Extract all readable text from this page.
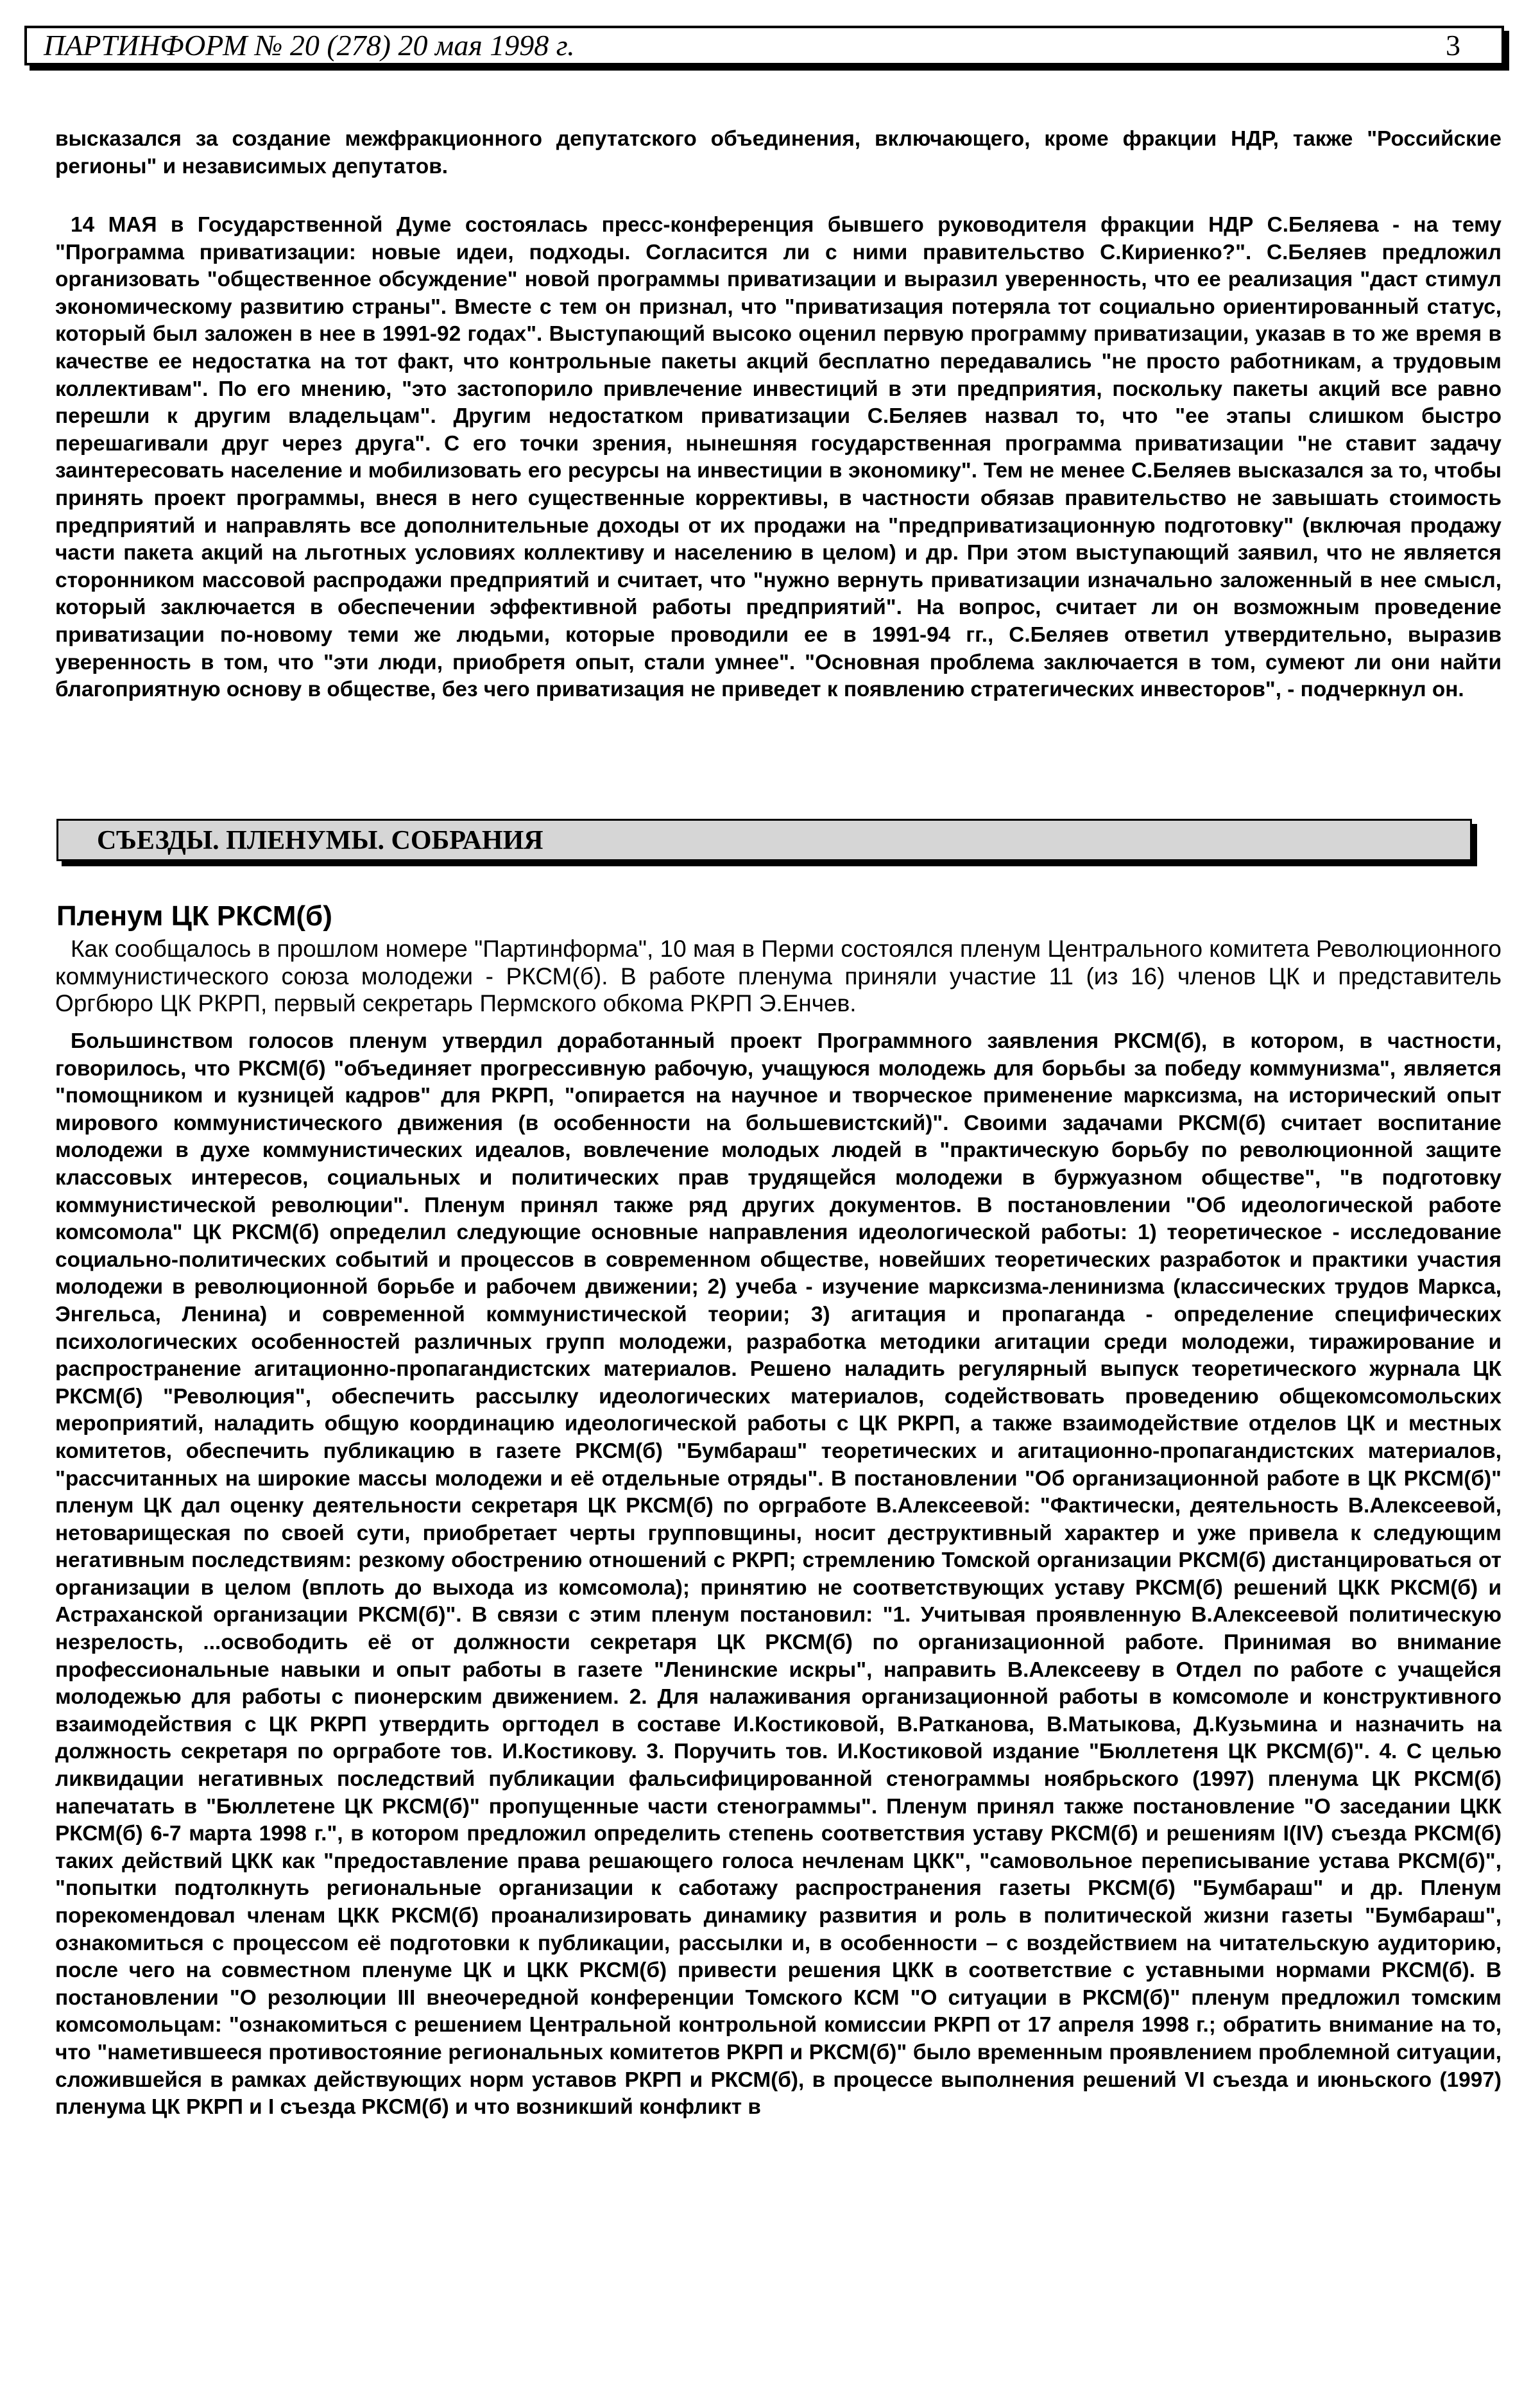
ПАРТИНФОРМ № 20 (278) 20 мая 1998 г.	3

высказался за создание межфракционного депутатского объединения, включающего, кроме фракции НДР, также "Российские регионы" и независимых депутатов.

14 МАЯ в Государственной Думе состоялась пресс-конференция бывшего руководителя фракции НДР С.Беляева - на тему "Программа приватизации: новые идеи, подходы. Согласится ли с ними правительство С.Кириенко?". С.Беляев предложил организовать "общественное обсуждение" новой программы приватизации и выразил уверенность, что ее реализация "даст стимул экономическому развитию страны". Вместе с тем он признал, что "приватизация потеряла тот социально ориентированный статус, который был заложен в нее в 1991-92 годах". Выступающий высоко оценил первую программу приватизации, указав в то же время в качестве ее недостатка на тот факт, что контрольные пакеты акций бесплатно передавались "не просто работникам, а трудовым коллективам". По его мнению, "это застопорило привлечение инвестиций в эти предприятия, поскольку пакеты акций все равно перешли к другим владельцам". Другим недостатком приватизации С.Беляев назвал то, что "ее этапы слишком быстро перешагивали друг через друга". С его точки зрения, нынешняя государственная программа приватизации "не ставит задачу заинтересовать население и мобилизовать его ресурсы на инвестиции в экономику". Тем не менее С.Беляев высказался за то, чтобы принять проект программы, внеся в него существенные коррективы, в частности обязав правительство не завышать стоимость предприятий и направлять все дополнительные доходы от их продажи на "предприватизационную подготовку" (включая продажу части пакета акций на льготных условиях коллективу и населению в целом) и др. При этом выступающий заявил, что не является сторонником массовой распродажи предприятий и считает, что "нужно вернуть приватизации изначально заложенный в нее смысл, который заключается в обеспечении эффективной работы предприятий". На вопрос, считает ли он возможным проведение приватизации по-новому теми же людьми, которые проводили ее в 1991-94 гг., С.Беляев ответил утвердительно, выразив уверенность в том, что "эти люди, приобретя опыт, стали умнее". "Основная проблема заключается в том, сумеют ли они найти благоприятную основу в обществе, без чего приватизация не приведет к появлению стратегических инвесторов", - подчеркнул он.

СЪЕЗДЫ. ПЛЕНУМЫ. СОБРАНИЯ
Пленум ЦК РКСМ(б)

Как сообщалось в прошлом номере "Партинформа", 10 мая в Перми состоялся пленум Центрального комитета Революционного коммунистического союза молодежи - РКСМ(б). В работе пленума приняли участие 11 (из 16) членов ЦК и представитель Оргбюро ЦК РКРП, первый секретарь Пермского обкома РКРП Э.Енчев.

Большинством голосов пленум утвердил доработанный проект Программного заявления РКСМ(б), в котором, в частности, говорилось, что РКСМ(б) "объединяет прогрессивную рабочую, учащуюся молодежь для борьбы за победу коммунизма", является "помощником и кузницей кадров" для РКРП, "опирается на научное и творческое применение марксизма, на исторический опыт мирового коммунистического движения (в особенности на большевистский)". Своими задачами РКСМ(б) считает воспитание молодежи в духе коммунистических идеалов, вовлечение молодых людей в "практическую борьбу по революционной защите классовых интересов, социальных и политических прав трудящейся молодежи в буржуазном обществе", "в подготовку коммунистической революции". Пленум принял также ряд других документов. В постановлении "Об идеологической работе комсомола" ЦК РКСМ(б) определил следующие основные направления идеологической работы: 1) теоретическое - исследование социально-политических событий и процессов в современном обществе, новейших теоретических разработок и практики участия молодежи в революционной борьбе и рабочем движении; 2) учеба - изучение марксизма-ленинизма (классических трудов Маркса, Энгельса, Ленина) и современной коммунистической теории; 3) агитация и пропаганда - определение специфических психологических особенностей различных групп молодежи, разработка методики агитации среди молодежи, тиражирование и распространение агитационно-пропагандистских материалов. Решено наладить регулярный выпуск теоретического журнала ЦК РКСМ(б) "Революция", обеспечить рассылку идеологических материалов, содействовать проведению общекомсомольских мероприятий, наладить общую координацию идеологической работы с ЦК РКРП, а также взаимодействие отделов ЦК и местных комитетов, обеспечить публикацию в газете РКСМ(б) "Бумбараш" теоретических и агитационно-пропагандистских материалов, "рассчитанных на широкие массы молодежи и её отдельные отряды". В постановлении "Об организационной работе в ЦК РКСМ(б)" пленум ЦК дал оценку деятельности секретаря ЦК РКСМ(б) по оргработе В.Алексеевой: "Фактически, деятельность В.Алексеевой, нетоварищеская по своей сути, приобретает черты групповщины, носит деструктивный характер и уже привела к следующим негативным последствиям: резкому обострению отношений с РКРП; стремлению Томской организации РКСМ(б) дистанцироваться от организации в целом (вплоть до выхода из комсомола); принятию не соответствующих уставу РКСМ(б) решений ЦКК РКСМ(б) и Астраханской организации РКСМ(б)". В связи с этим пленум постановил: "1. Учитывая проявленную В.Алексеевой политическую незрелость, ...освободить её от должности секретаря ЦК РКСМ(б) по организационной работе. Принимая во внимание профессиональные навыки и опыт работы в газете "Ленинские искры", направить В.Алексееву в Отдел по работе с учащейся молодежью для работы с пионерским движением. 2. Для налаживания организационной работы в комсомоле и конструктивного взаимодействия с ЦК РКРП утвердить оргтодел в составе И.Костиковой, В.Ратканова, В.Матыкова, Д.Кузьмина и назначить на должность секретаря по оргработе тов. И.Костикову. 3. Поручить тов. И.Костиковой издание "Бюллетеня ЦК РКСМ(б)". 4. С целью ликвидации негативных последствий публикации фальсифицированной стенограммы ноябрьского (1997) пленума ЦК РКСМ(б) напечатать в "Бюллетене ЦК РКСМ(б)" пропущенные части стенограммы". Пленум принял также постановление "О заседании ЦКК РКСМ(б) 6-7 марта 1998 г.", в котором предложил определить степень соответствия уставу РКСМ(б) и решениям I(IV) съезда РКСМ(б) таких действий ЦКК как "предоставление права решающего голоса нечленам ЦКК", "самовольное переписывание устава РКСМ(б)", "попытки подтолкнуть региональные организации к саботажу распространения газеты РКСМ(б) "Бумбараш" и др. Пленум порекомендовал членам ЦКК РКСМ(б) проанализировать динамику развития и роль в политической жизни газеты "Бумбараш", ознакомиться с процессом её подготовки к публикации, рассылки и, в особенности – с воздействием на читательскую аудиторию, после чего на совместном пленуме ЦК и ЦКК РКСМ(б) привести решения ЦКК в соответствие с уставными нормами РКСМ(б). В постановлении "О резолюции III внеочередной конференции Томского КСМ "О ситуации в РКСМ(б)" пленум предложил томским комсомольцам: "ознакомиться с решением Центральной контрольной комиссии РКРП от 17 апреля 1998 г.; обратить внимание на то, что "наметившееся противостояние региональных комитетов РКРП и РКСМ(б)" было временным проявлением проблемной ситуации, сложившейся в рамках действующих норм уставов РКРП и РКСМ(б), в процессе выполнения решений VI съезда и июньского (1997) пленума ЦК РКРП и I съезда РКСМ(б) и что возникший конфликт в
